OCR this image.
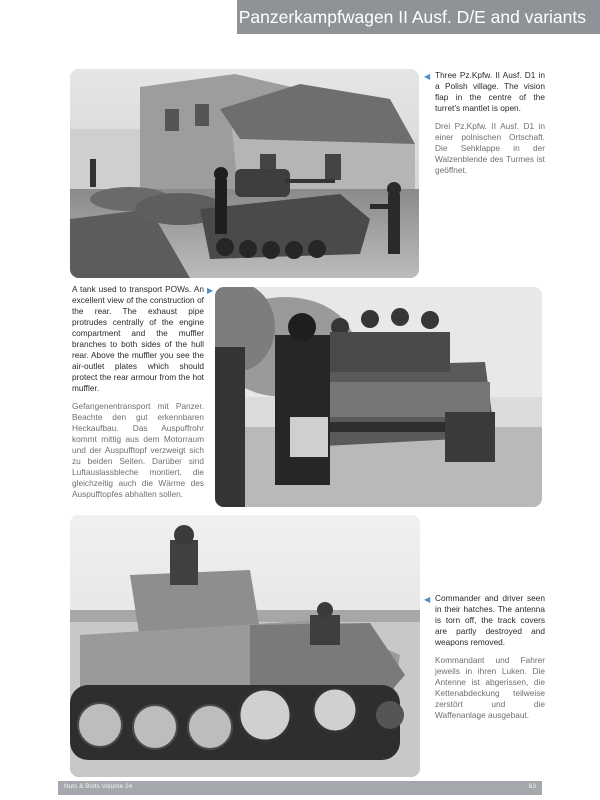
Panzerkampfwagen II Ausf. D/E and variants
◀ Three Pz.Kpfw. II Ausf. D1 in a Polish village. The vision flap in the centre of the turret's mantlet is open.

Drei Pz.Kpfw. II Ausf. D1 in einer polnischen Ortschaft. Die Sehklappe in der Walzenblende des Turmes ist geöffnet.

A tank used to transport POWs. An excellent view of the construction of the rear. The exhaust pipe protrudes centrally of the engine compartment and the muffler branches to both sides of the hull rear. Above the muffler you see the air-outlet plates which should protect the rear armour from the hot muffler.

Gefangenentransport mit Panzer. Beachte den gut erkennbaren Heckaufbau. Das Auspuffrohr kommt mittig aus dem Motorraum und der Auspufftopf verzweigt sich zu beiden Seiten. Darüber sind Luftauslassbleche montiert, die gleichzeitig auch die Wärme des Auspufftopfes abhalten sollen.

▶
◀ Commander and driver seen in their hatches. The antenna is torn off, the track covers are partly destroyed and weapons removed.

Kommandant und Fahrer jeweils in ihren Luken. Die Antenne ist abgerissen, die Kettenabdeckung teilweise zerstört und die Waffenanlage ausgebaut.

Nuts & Bolts Volume 24	63
